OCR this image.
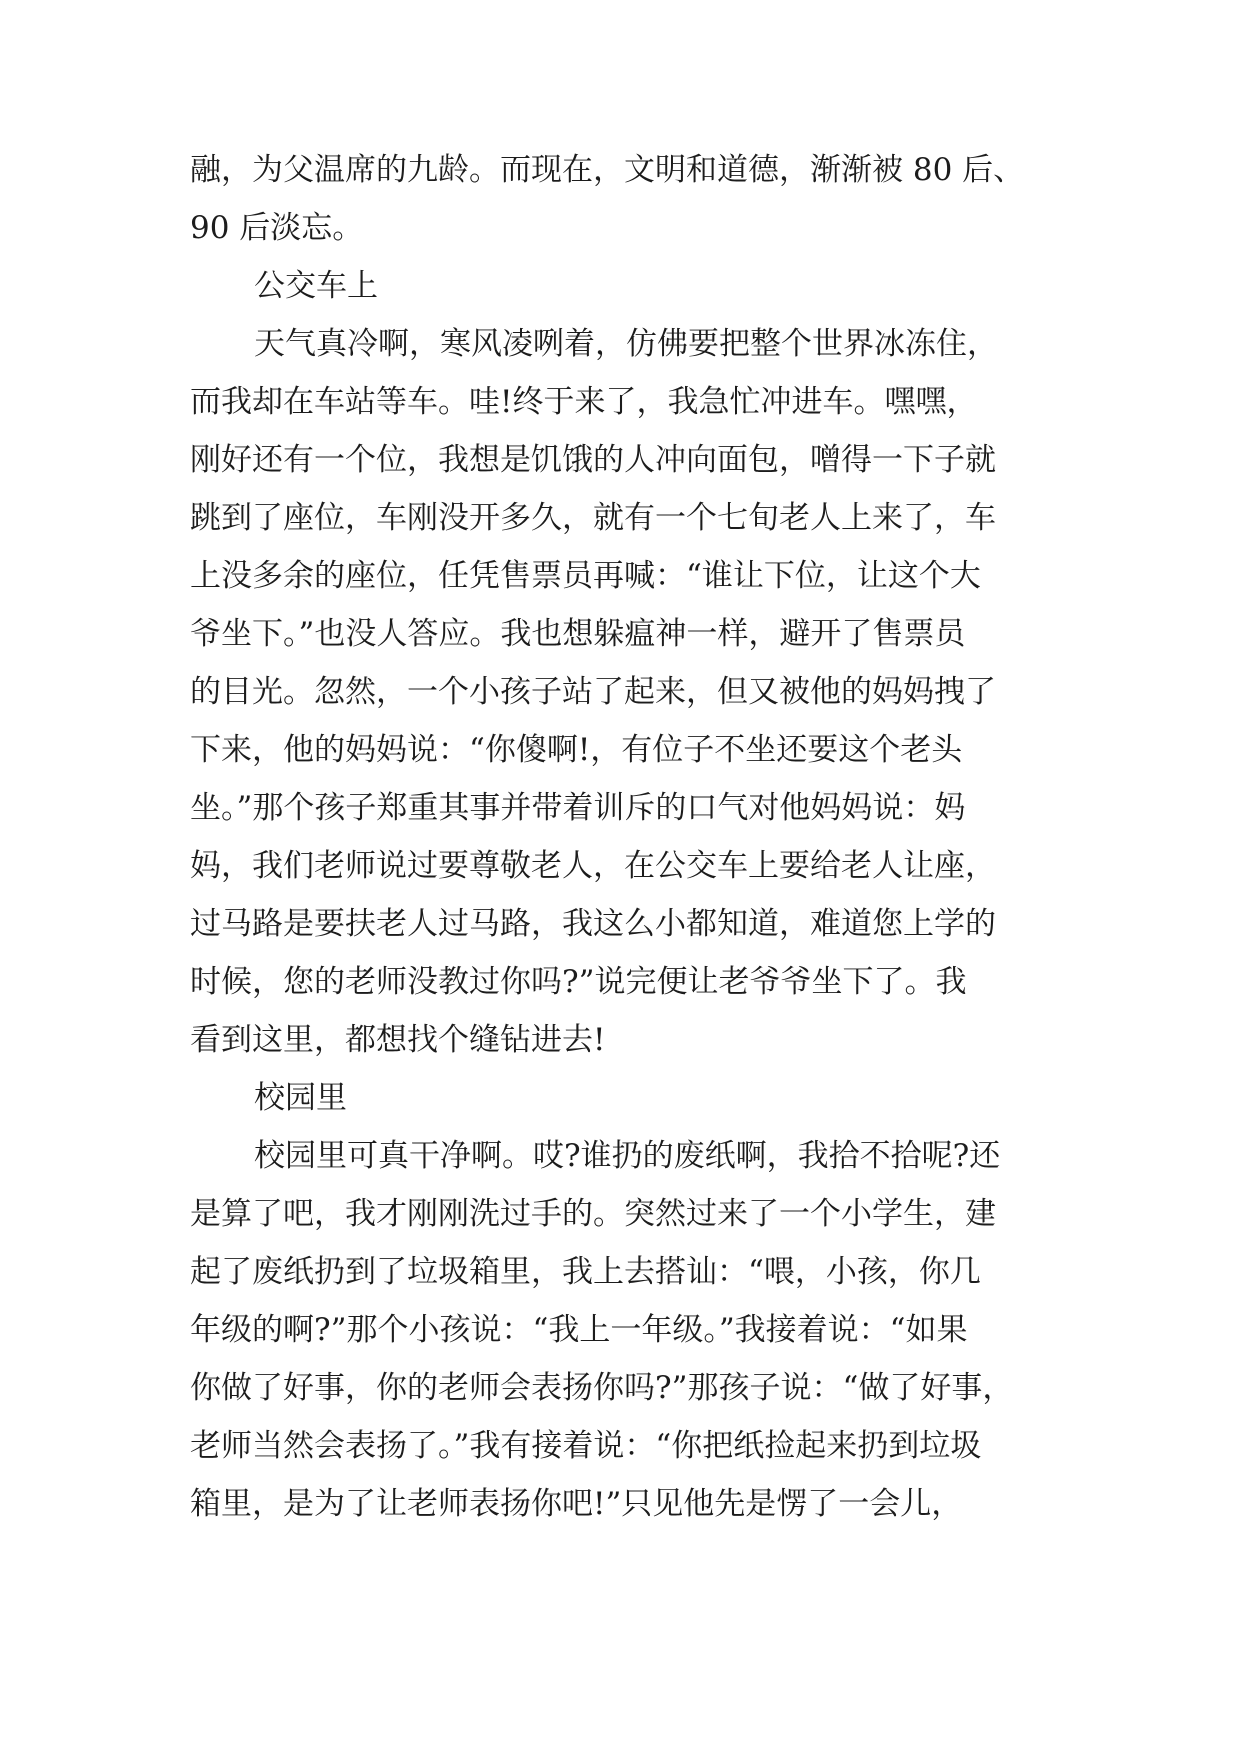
融，为父温席的九龄。而现在，文明和道德，渐渐被 80 后、
90 后淡忘。
公交车上
天气真冷啊，寒风凌咧着，仿佛要把整个世界冰冻住，
而我却在车站等车。哇!终于来了，我急忙冲进车。嘿嘿，
刚好还有一个位，我想是饥饿的人冲向面包，噌得一下子就
跳到了座位，车刚没开多久，就有一个七旬老人上来了，车
上没多余的座位，任凭售票员再喊：“谁让下位，让这个大
爷坐下。”也没人答应。我也想躲瘟神一样，避开了售票员
的目光。忽然，一个小孩子站了起来，但又被他的妈妈拽了
下来，他的妈妈说：“你傻啊!，有位子不坐还要这个老头
坐。”那个孩子郑重其事并带着训斥的口气对他妈妈说：妈
妈，我们老师说过要尊敬老人，在公交车上要给老人让座，
过马路是要扶老人过马路，我这么小都知道，难道您上学的
时候，您的老师没教过你吗?”说完便让老爷爷坐下了。我
看到这里，都想找个缝钻进去!
校园里
校园里可真干净啊。哎?谁扔的废纸啊，我拾不拾呢?还
是算了吧，我才刚刚洗过手的。突然过来了一个小学生，建
起了废纸扔到了垃圾箱里，我上去搭讪：“喂，小孩，你几
年级的啊?”那个小孩说：“我上一年级。”我接着说：“如果
你做了好事，你的老师会表扬你吗?”那孩子说：“做了好事，
老师当然会表扬了。”我有接着说：“你把纸捡起来扔到垃圾
箱里，是为了让老师表扬你吧!”只见他先是愣了一会儿，
